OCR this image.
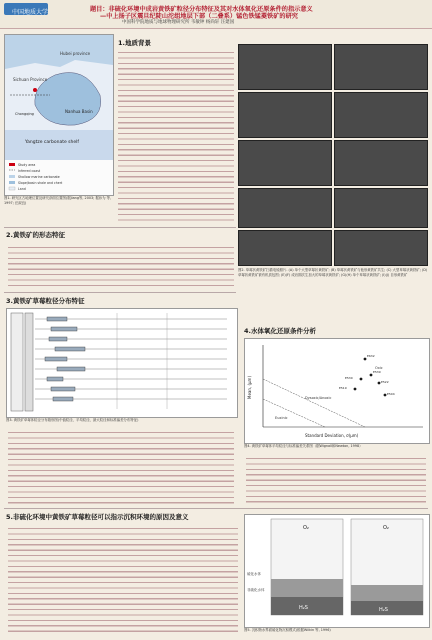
中国地质大学	题目：非硫化环境中成岩黄铁矿粒径分布特征及其对水体氧化还原条件的指示意义
—中上扬子区震旦纪陡山沱组地层下部（二叠系）锰色铁锰菱铁矿的研究
中国科学院地质与地球物理研究所 韦敏钟 杨尚轩 汪建国
Sichuan Province
Hubei province
Yangtze carbonate shelf
Nanhua Basin
Chongqing
Study area
Inferred coast
Shallow marine carbonate
Slope/basin shale and chert
Land
图1. 研究区古地理位置及研究剖面位置图(据Jiang等, 2003; 据孙为 等, 1997; 汪淑良)
1.地质背景
2.黄铁矿的形态特征
3.黄铁矿草莓粒径分布特征
图3. 黄铁矿草莓体粒径分布箱形图(中值粒径、平均粒径、最大粒径和标准偏差分布特征)
图2. 草莓状黄铁矿扫描电镜照片. (A) 单个大型草莓状黄铁矿; (B) 草莓状黄铁矿与他形黄铁矿共生; (C) 大型草莓状黄铁矿; (D) 草莓状黄铁矿被有机质包围; (E)(F) 成岩期次生加大的草莓状黄铁矿; (G)(H) 单个草莓状黄铁矿; (I)(J) 自形黄铁矿
4.水体氧化还原条件分析
Euxinic
Dysoxic/Anoxic
Oxic
E632
E539
E530
E522
E519
E504
Standard Deviation, σ(μm)
Mean, (μm)
图4. 黄铁矿草莓体平均粒径与标准偏差关系图（据Wignall和Newton, 1998）
5.非硫化环境中黄铁矿草莓粒径可以指示沉积环境的原因及意义
O₂
H₂S
O₂
H₂S
硫化水体
非硫化水体
图5. 沉积物水界面硫化物沉积模式(根据Wilkin 等, 1996)
